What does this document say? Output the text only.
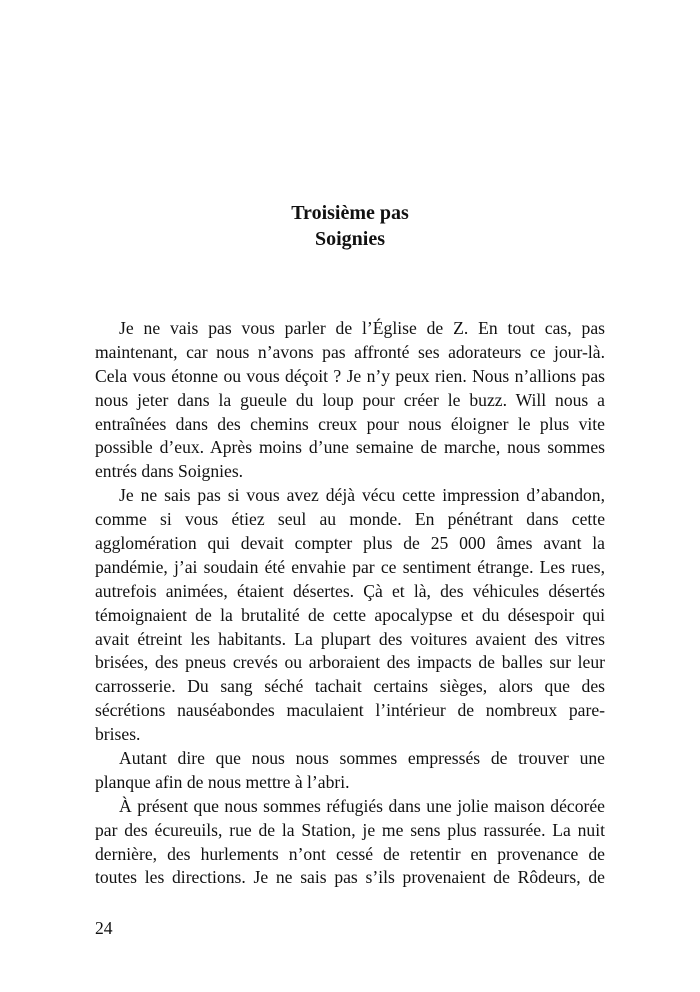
Troisième pas
Soignies
Je ne vais pas vous parler de l’Église de Z. En tout cas, pas
maintenant, car nous n’avons pas affronté ses adorateurs ce jour-là.
Cela vous étonne ou vous déçoit ? Je n’y peux rien. Nous n’allions pas
nous jeter dans la gueule du loup pour créer le buzz. Will nous a
entraînées dans des chemins creux pour nous éloigner le plus vite
possible d’eux. Après moins d’une semaine de marche, nous sommes
entrés dans Soignies.
Je ne sais pas si vous avez déjà vécu cette impression d’abandon,
comme si vous étiez seul au monde. En pénétrant dans cette
agglomération qui devait compter plus de 25 000 âmes avant la
pandémie, j’ai soudain été envahie par ce sentiment étrange. Les rues,
autrefois animées, étaient désertes. Çà et là, des véhicules désertés
témoignaient de la brutalité de cette apocalypse et du désespoir qui
avait étreint les habitants. La plupart des voitures avaient des vitres
brisées, des pneus crevés ou arboraient des impacts de balles sur leur
carrosserie. Du sang séché tachait certains sièges, alors que des
sécrétions nauséabondes maculaient l’intérieur de nombreux pare-
brises.
Autant dire que nous nous sommes empressés de trouver une
planque afin de nous mettre à l’abri.
À présent que nous sommes réfugiés dans une jolie maison décorée
par des écureuils, rue de la Station, je me sens plus rassurée. La nuit
dernière, des hurlements n’ont cessé de retentir en provenance de
toutes les directions. Je ne sais pas s’ils provenaient de Rôdeurs, de
24
